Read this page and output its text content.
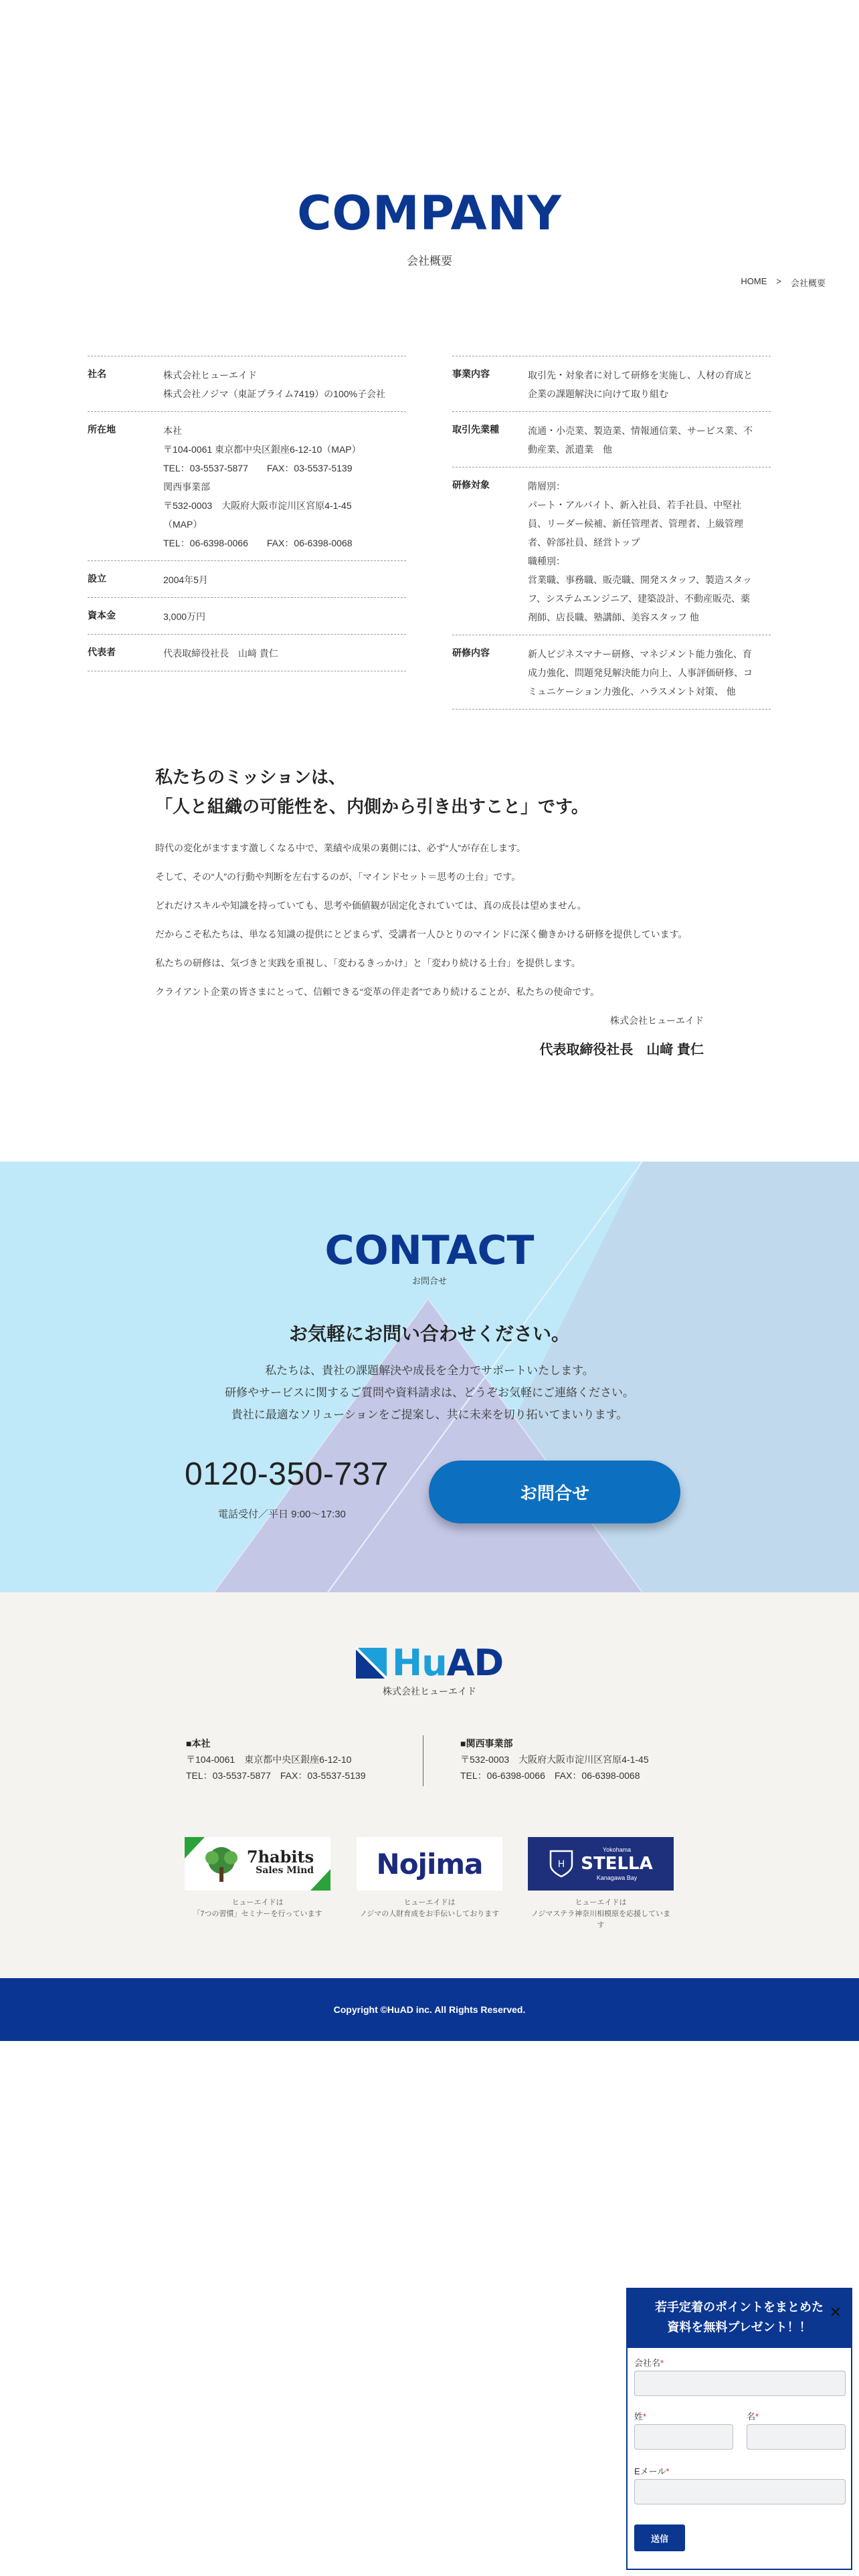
COMPANY
会社概要
HOME > 会社概要
社名	株式会社ヒューエイド
株式会社ノジマ（東証プライム7419）の100%子会社
所在地	本社
〒104-0061 東京都中央区銀座6-12-10（MAP）
TEL：03-5537-5877　　FAX：03-5537-5139
関西事業部
〒532-0003　大阪府大阪市淀川区宮原4-1-45
（MAP）
TEL：06-6398-0066　　FAX：06-6398-0068
設立	2004年5月
資本金	3,000万円
代表者	代表取締役社長　山﨑 貴仁
事業内容	取引先・対象者に対して研修を実施し、人材の育成と
企業の課題解決に向けて取り組む
取引先業種	流通・小売業、製造業、情報通信業、サービス業、不
動産業、派遣業　他
研修対象	階層別：
パート・アルバイト、新入社員、若手社員、中堅社
員、リーダー候補、新任管理者、管理者、上級管理
者、幹部社員、経営トップ
職種別：
営業職、事務職、販売職、開発スタッフ、製造スタッ
フ、システムエンジニア、建築設計、不動産販売、薬
剤師、店長職、塾講師、美容スタッフ 他
研修内容	新人ビジネスマナー研修、マネジメント能力強化、育
成力強化、問題発見解決能力向上、人事評価研修、コ
ミュニケーション力強化、ハラスメント対策、 他
私たちのミッションは、
「人と組織の可能性を、内側から引き出すこと」です。

時代の変化がますます激しくなる中で、業績や成果の裏側には、必ず“人”が存在します。

そして、その“人”の行動や判断を左右するのが、「マインドセット＝思考の土台」です。

どれだけスキルや知識を持っていても、思考や価値観が固定化されていては、真の成長は望めません。

だからこそ私たちは、単なる知識の提供にとどまらず、受講者一人ひとりのマインドに深く働きかける研修を提供しています。

私たちの研修は、気づきと実践を重視し、「変わるきっかけ」と「変わり続ける土台」を提供します。

クライアント企業の皆さまにとって、信頼できる“変革の伴走者”であり続けることが、私たちの使命です。

株式会社ヒューエイド
代表取締役社長　山﨑 貴仁
CONTACT
お問合せ
お気軽にお問い合わせください。
私たちは、貴社の課題解決や成長を全力でサポートいたします。
研修やサービスに関するご質問や資料請求は、どうぞお気軽にご連絡ください。
貴社に最適なソリューションをご提案し、共に未来を切り拓いてまいります。
0120-350-737
電話受付／平日 9:00〜17:30
お問合せ
HuAD
株式会社ヒューエイド
■本社
〒104-0061　東京都中央区銀座6-12-10
TEL：03-5537-5877　FAX：03-5537-5139
■関西事業部
〒532-0003　大阪府大阪市淀川区宮原4-1-45
TEL：06-6398-0066　FAX：06-6398-0068
7habits
Sales Mind
ヒューエイドは
「7つの習慣」セミナーを行っています
Nojima
ヒューエイドは
ノジマの人財育成をお手伝いしております
H
Yokohama
STELLA
Kanagawa Bay
ヒューエイドは
ノジマステラ神奈川相模原を応援しています
Copyright ©HuAD inc. All Rights Reserved.
若手定着のポイントをまとめた
資料を無料プレゼント！！
✕
会社名*
姓*	名*
Eメール*
送信
